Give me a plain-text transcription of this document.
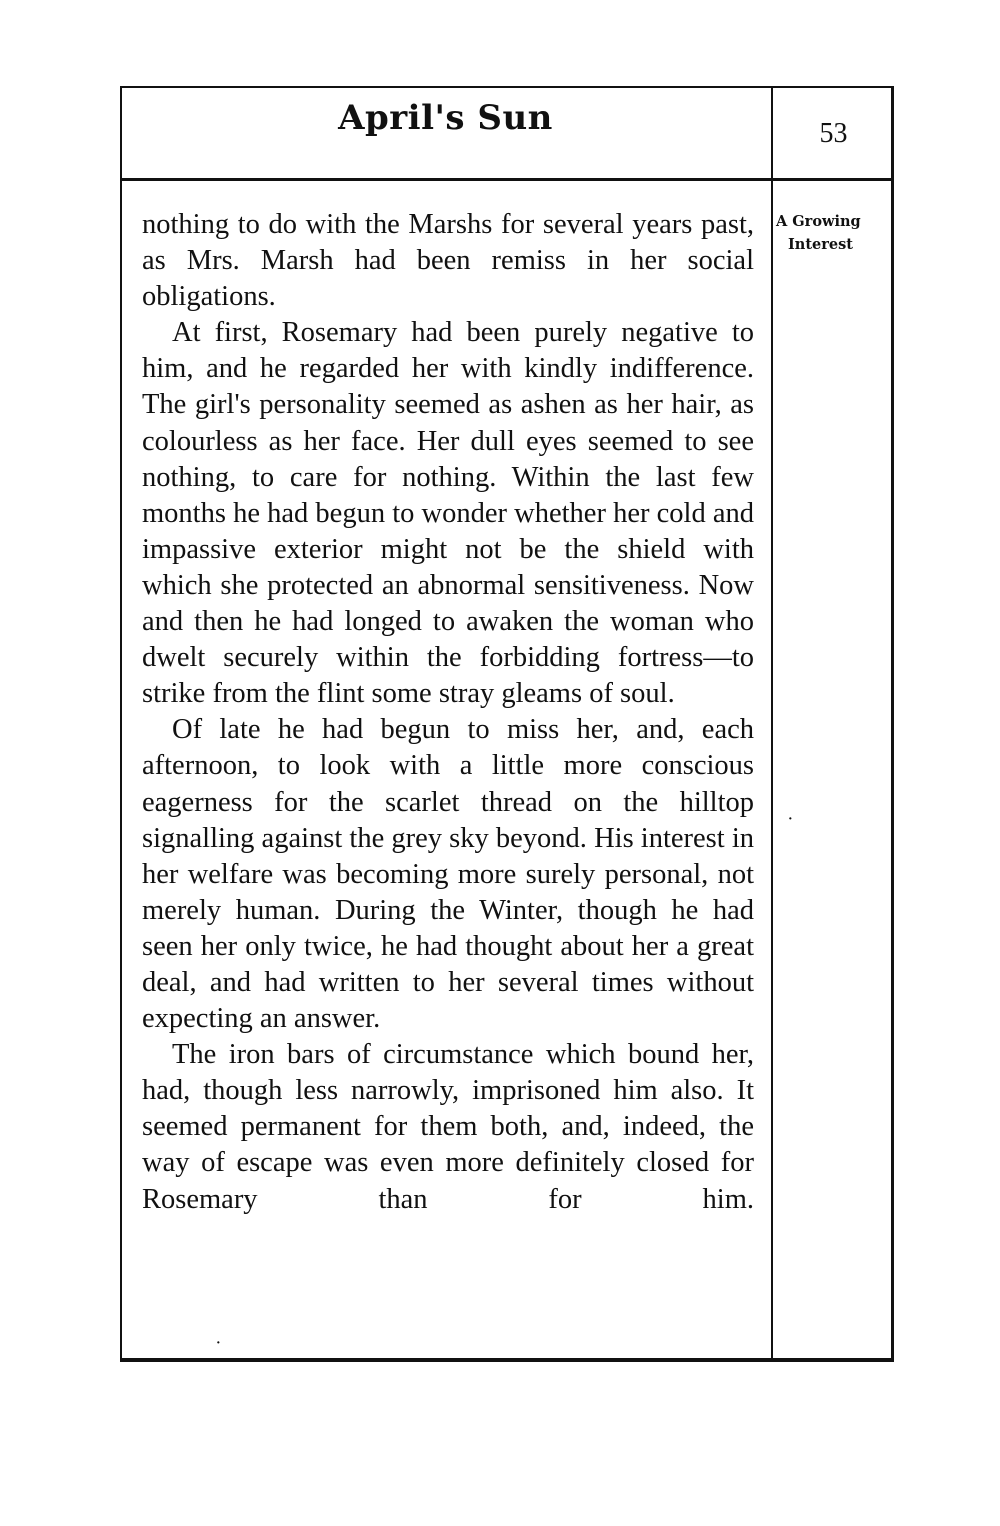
April's Sun	53
A Growing
Interest

nothing to do with the Marshs for several years past, as Mrs. Marsh had been remiss in her social obligations.

At first, Rosemary had been purely negative to him, and he regarded her with kindly indifference. The girl's personality seemed as ashen as her hair, as colourless as her face. Her dull eyes seemed to see nothing, to care for nothing. Within the last few months he had begun to wonder whether her cold and impassive exterior might not be the shield with which she protected an abnormal sensitiveness. Now and then he had longed to awaken the woman who dwelt securely within the forbidding fortress—to strike from the flint some stray gleams of soul.

Of late he had begun to miss her, and, each afternoon, to look with a little more conscious eagerness for the scarlet thread on the hilltop signalling against the grey sky beyond. His interest in her welfare was becoming more surely personal, not merely human. During the Winter, though he had seen her only twice, he had thought about her a great deal, and had written to her several times without expecting an answer.

The iron bars of circumstance which bound her, had, though less narrowly, imprisoned him also. It seemed permanent for them both, and, indeed, the way of escape was even more definitely closed for Rosemary than for him.

·
·
